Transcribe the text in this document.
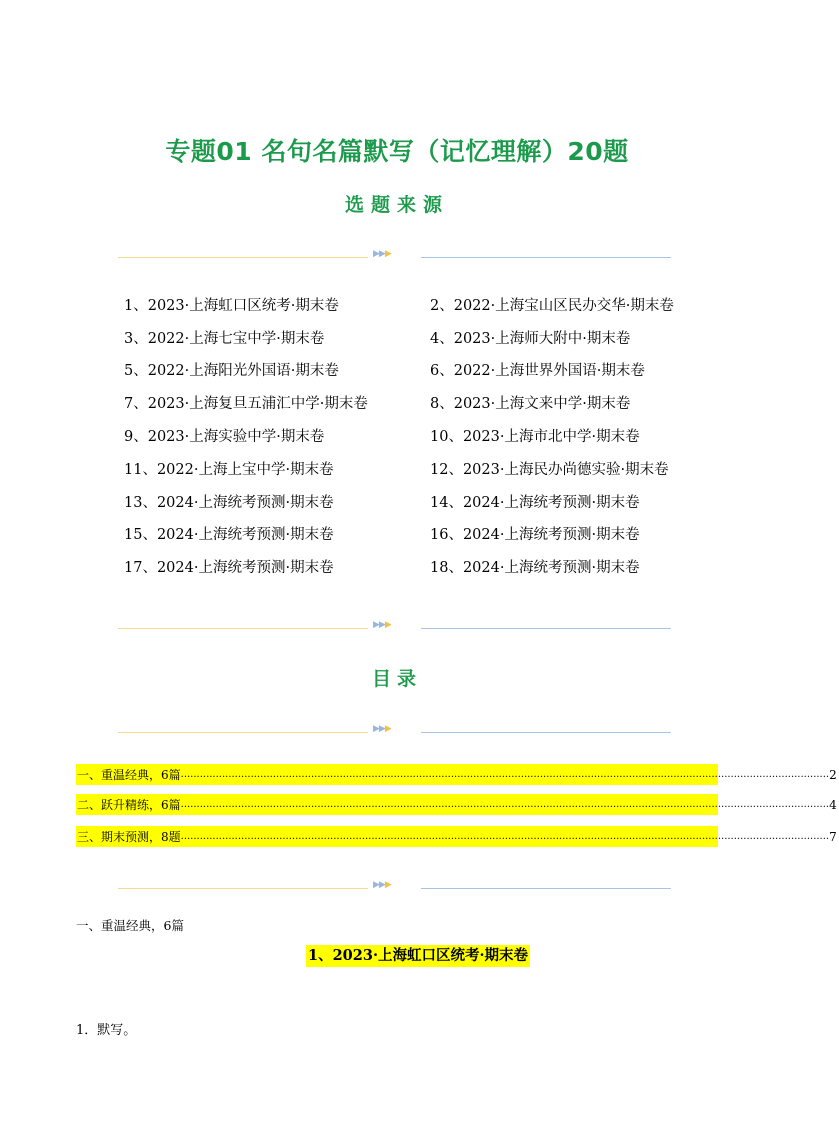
专题01 名句名篇默写（记忆理解）20题
选题来源
▶▶▶
1、2023·上海虹口区统考·期末卷	2、2022·上海宝山区民办交华·期末卷
3、2022·上海七宝中学·期末卷	4、2023·上海师大附中·期末卷
5、2022·上海阳光外国语·期末卷	6、2022·上海世界外国语·期末卷
7、2023·上海复旦五浦汇中学·期末卷	8、2023·上海文来中学·期末卷
9、2023·上海实验中学·期末卷	10、2023·上海市北中学·期末卷
11、2022·上海上宝中学·期末卷	12、2023·上海民办尚德实验·期末卷
13、2024·上海统考预测·期末卷	14、2024·上海统考预测·期末卷
15、2024·上海统考预测·期末卷	16、2024·上海统考预测·期末卷
17、2024·上海统考预测·期末卷	18、2024·上海统考预测·期末卷
▶▶▶
目录
▶▶▶
一、重温经典，6篇 ............................................................................................................................................................................................................ 2
二、跃升精练，6篇 ............................................................................................................................................................................................................ 4
三、期末预测，8题 ............................................................................................................................................................................................................ 7
▶▶▶
一、重温经典，6篇
1、2023·上海虹口区统考·期末卷
1．默写。
